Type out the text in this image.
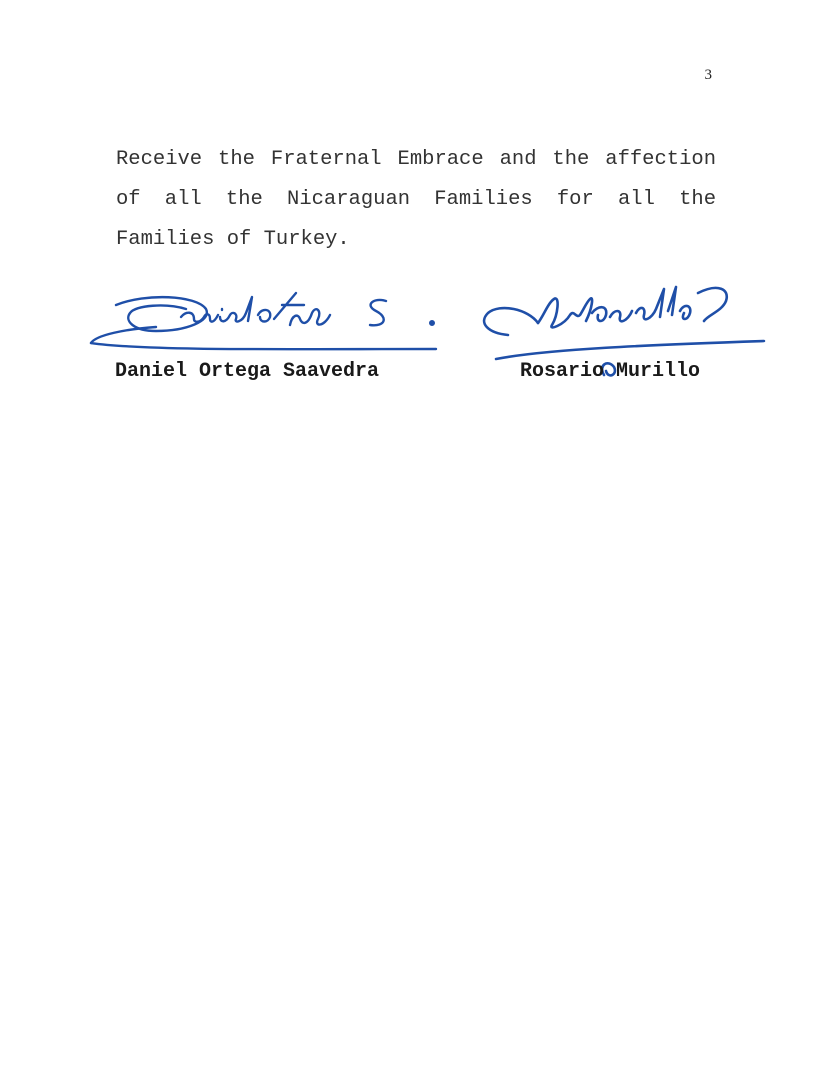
3

Receive the Fraternal Embrace and the affection of all the Nicaraguan Families for all the Families of Turkey.

Daniel Ortega Saavedra	Rosario Murillo
